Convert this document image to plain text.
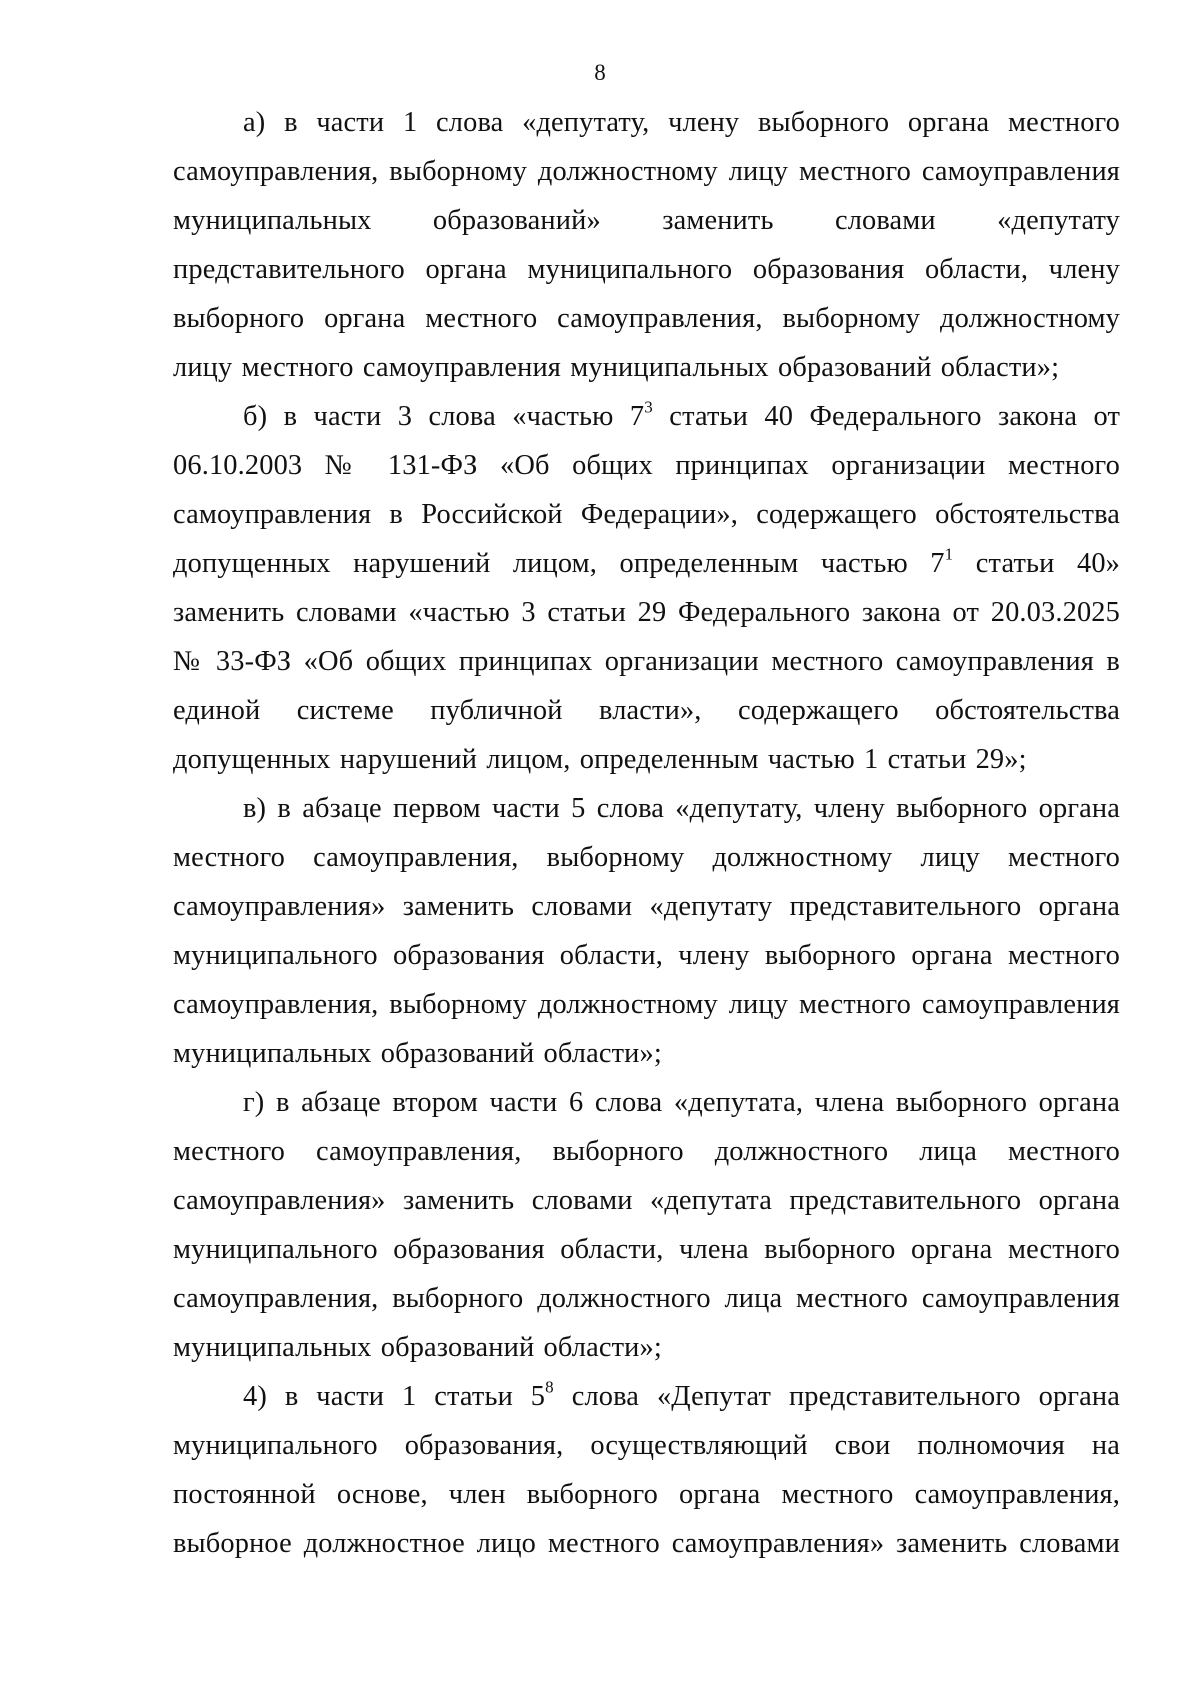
8

а) в части 1 слова «депутату, члену выборного органа местного самоуправления, выборному должностному лицу местного самоуправления муниципальных образований» заменить словами «депутату представительного органа муниципального образования области, члену выборного органа местного самоуправления, выборному должностному лицу местного самоуправления муниципальных образований области»;

б) в части 3 слова «частью $7^3$ статьи 40 Федерального закона от 06.10.2003 № 131-ФЗ «Об общих принципах организации местного самоуправления в Российской Федерации», содержащего обстоятельства допущенных нарушений лицом, определенным частью $7^1$ статьи 40» заменить словами «частью 3 статьи 29 Федерального закона от 20.03.2025 № 33-ФЗ «Об общих принципах организации местного самоуправления в единой системе публичной власти», содержащего обстоятельства допущенных нарушений лицом, определенным частью 1 статьи 29»;

в) в абзаце первом части 5 слова «депутату, члену выборного органа местного самоуправления, выборному должностному лицу местного самоуправления» заменить словами «депутату представительного органа муниципального образования области, члену выборного органа местного самоуправления, выборному должностному лицу местного самоуправления муниципальных образований области»;

г) в абзаце втором части 6 слова «депутата, члена выборного органа местного самоуправления, выборного должностного лица местного самоуправления» заменить словами «депутата представительного органа муниципального образования области, члена выборного органа местного самоуправления, выборного должностного лица местного самоуправления муниципальных образований области»;

4) в части 1 статьи $5^8$ слова «Депутат представительного органа муниципального образования, осуществляющий свои полномочия на постоянной основе, член выборного органа местного самоуправления, выборное должностное лицо местного самоуправления» заменить словами
